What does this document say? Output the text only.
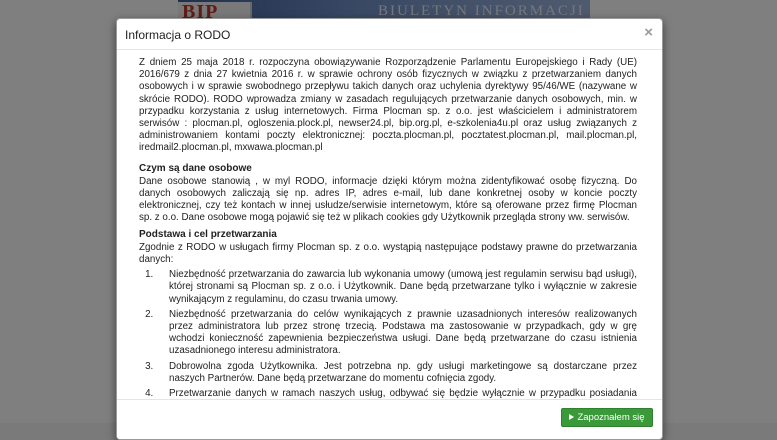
Informacja o RODO	×

Z dniem 25 maja 2018 r. rozpoczyna obowiązywanie Rozporządzenie Parlamentu Europejskiego i Rady (UE) 2016/679 z dnia 27 kwietnia 2016 r. w sprawie ochrony osób fizycznych w związku z przetwarzaniem danych osobowych i w sprawie swobodnego przepływu takich danych oraz uchylenia dyrektywy 95/46/WE (nazywane w skrócie RODO). RODO wprowadza zmiany w zasadach regulujących przetwarzanie danych osobowych, min. w przypadku korzystania z usług internetowych. Firma Plocman sp. z o.o. jest właścicielem i administratorem serwisów : plocman.pl, ogloszenia.plock.pl, newser24.pl, bip.org.pl, e-szkolenia4u.pl oraz usług związanych z administrowaniem kontami poczty elektronicznej: poczta.plocman.pl, pocztatest.plocman.pl, mail.plocman.pl, iredmail2.plocman.pl, mxwawa.plocman.pl

Czym są dane osobowe

Dane osobowe stanowią , w myl RODO, informacje dzięki którym można zidentyfikować osobę fizyczną. Do danych osobowych zaliczają się np. adres IP, adres e-mail, lub dane konkretnej osoby w koncie poczty elektronicznej, czy też kontach w innej usłudze/serwisie internetowym, które są oferowane przez firmę Plocman sp. z o.o. Dane osobowe mogą pojawić się też w plikach cookies gdy Użytkownik przegląda strony ww. serwisów.

Podstawa i cel przetwarzania

Zgodnie z RODO w usługach firmy Plocman sp. z o.o. wystąpią następujące podstawy prawne do przetwarzania danych:

1. Niezbędność przetwarzania do zawarcia lub wykonania umowy (umową jest regulamin serwisu bąd usługi), której stronami są Plocman sp. z o.o. i Użytkownik. Dane będą przetwarzane tylko i wyłącznie w zakresie wynikającym z regulaminu, do czasu trwania umowy.
2. Niezbędność przetwarzania do celów wynikających z prawnie uzasadnionych interesów realizowanych przez administratora lub przez stronę trzecią. Podstawa ma zastosowanie w przypadkach, gdy w grę wchodzi konieczność zapewnienia bezpieczeństwa usługi. Dane będą przetwarzane do czasu istnienia uzasadnionego interesu administratora.
3. Dobrowolna zgoda Użytkownika. Jest potrzebna np. gdy usługi marketingowe są dostarczane przez naszych Partnerów. Dane będą przetwarzane do momentu cofnięcia zgody.
4. Przetwarzanie danych w ramach naszych usług, odbywać się będzie wyłącznie w przypadku posiadania
Zapoznałem się
